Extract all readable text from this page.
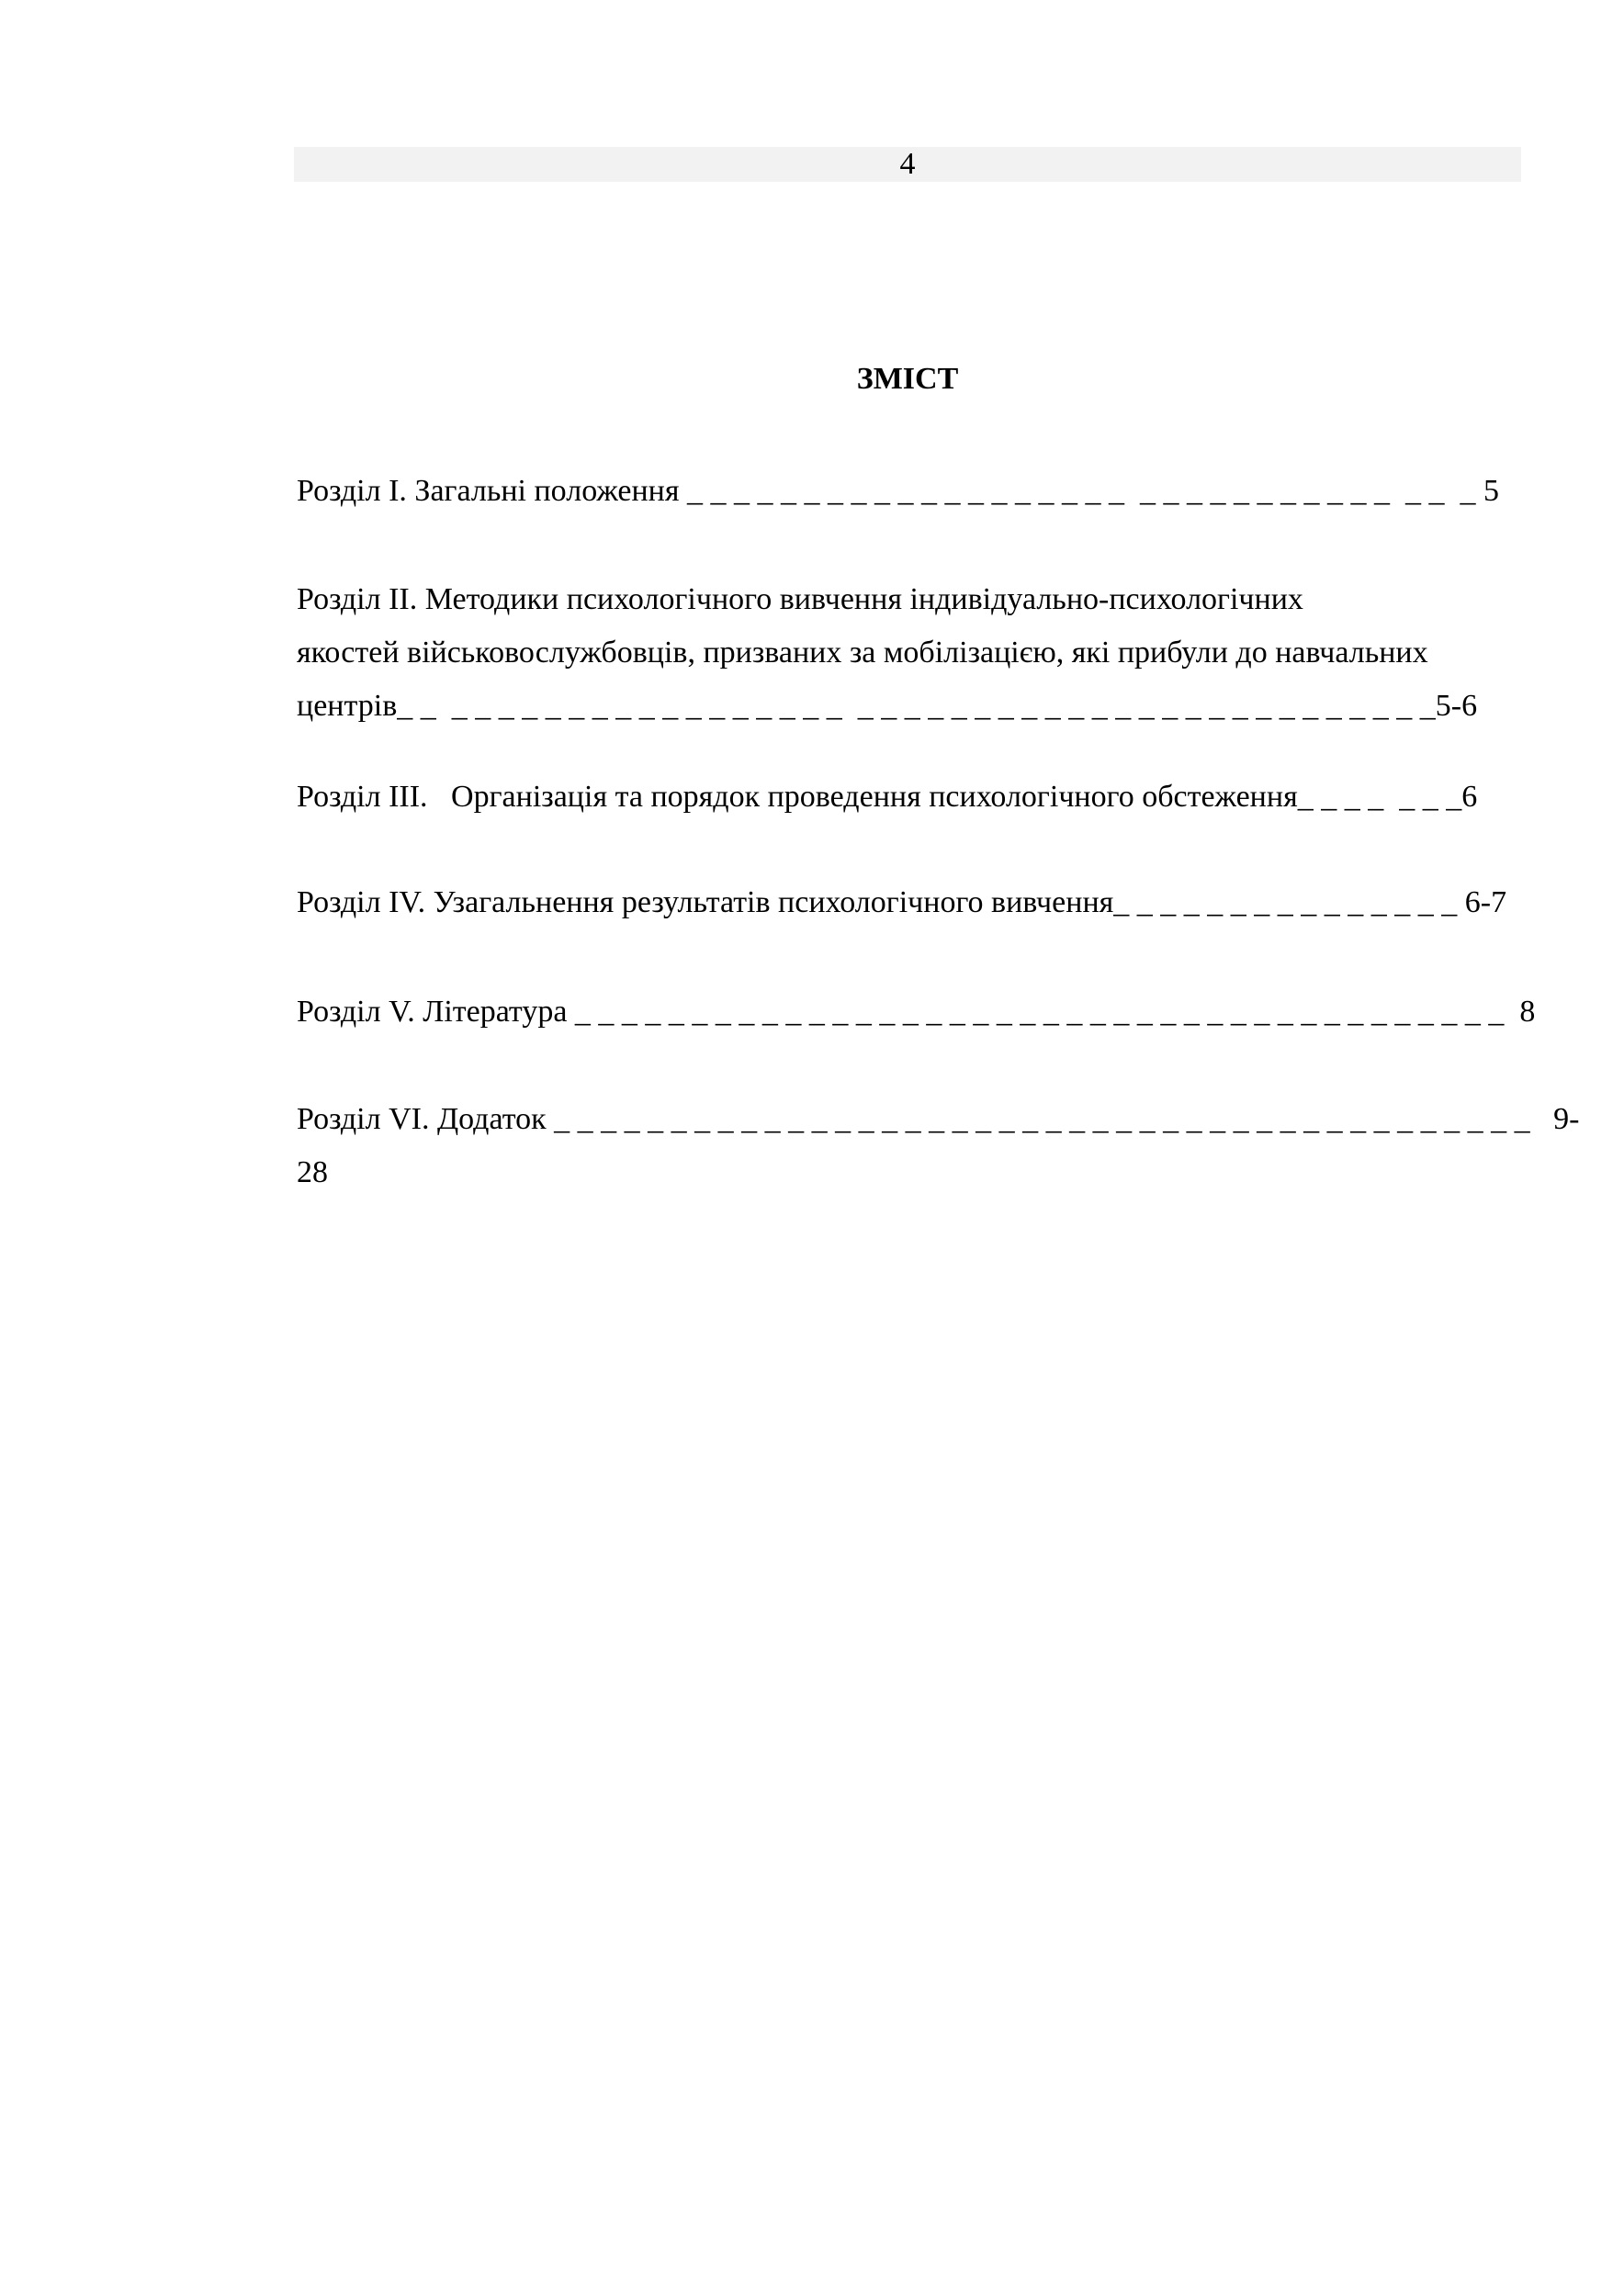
4
ЗМІСТ
Розділ I. Загальні положення _ _ _ _ _ _ _ _ _ _ _ _ _ _ _ _ _ _ _  _ _ _ _ _ _ _ _ _ _ _  _ _  _ 5
Розділ II. Методики психологічного вивчення індивідуально-психологічних
якостей військовослужбовців, призваних за мобілізацією, які прибули до навчальних
центрів_ _  _ _ _ _ _ _ _ _ _ _ _ _ _ _ _ _ _  _ _ _ _ _ _ _ _ _ _ _ _ _ _ _ _ _ _ _ _ _ _ _ _ _5-6
Розділ III.   Організація та порядок проведення психологічного обстеження_ _ _ _  _ _ _6
Розділ IV. Узагальнення результатів психологічного вивчення_ _ _ _ _ _ _ _ _ _ _ _ _ _ _ 6-7
Розділ V. Література _ _ _ _ _ _ _ _ _ _ _ _ _ _ _ _ _ _ _ _ _ _ _ _ _ _ _ _ _ _ _ _ _ _ _ _ _ _ _ _  8
Розділ VI. Додаток _ _ _ _ _ _ _ _ _ _ _ _ _ _ _ _ _ _ _ _ _ _ _ _ _ _ _ _ _ _ _ _ _ _ _ _ _ _ _ _ _ _   9-
28
